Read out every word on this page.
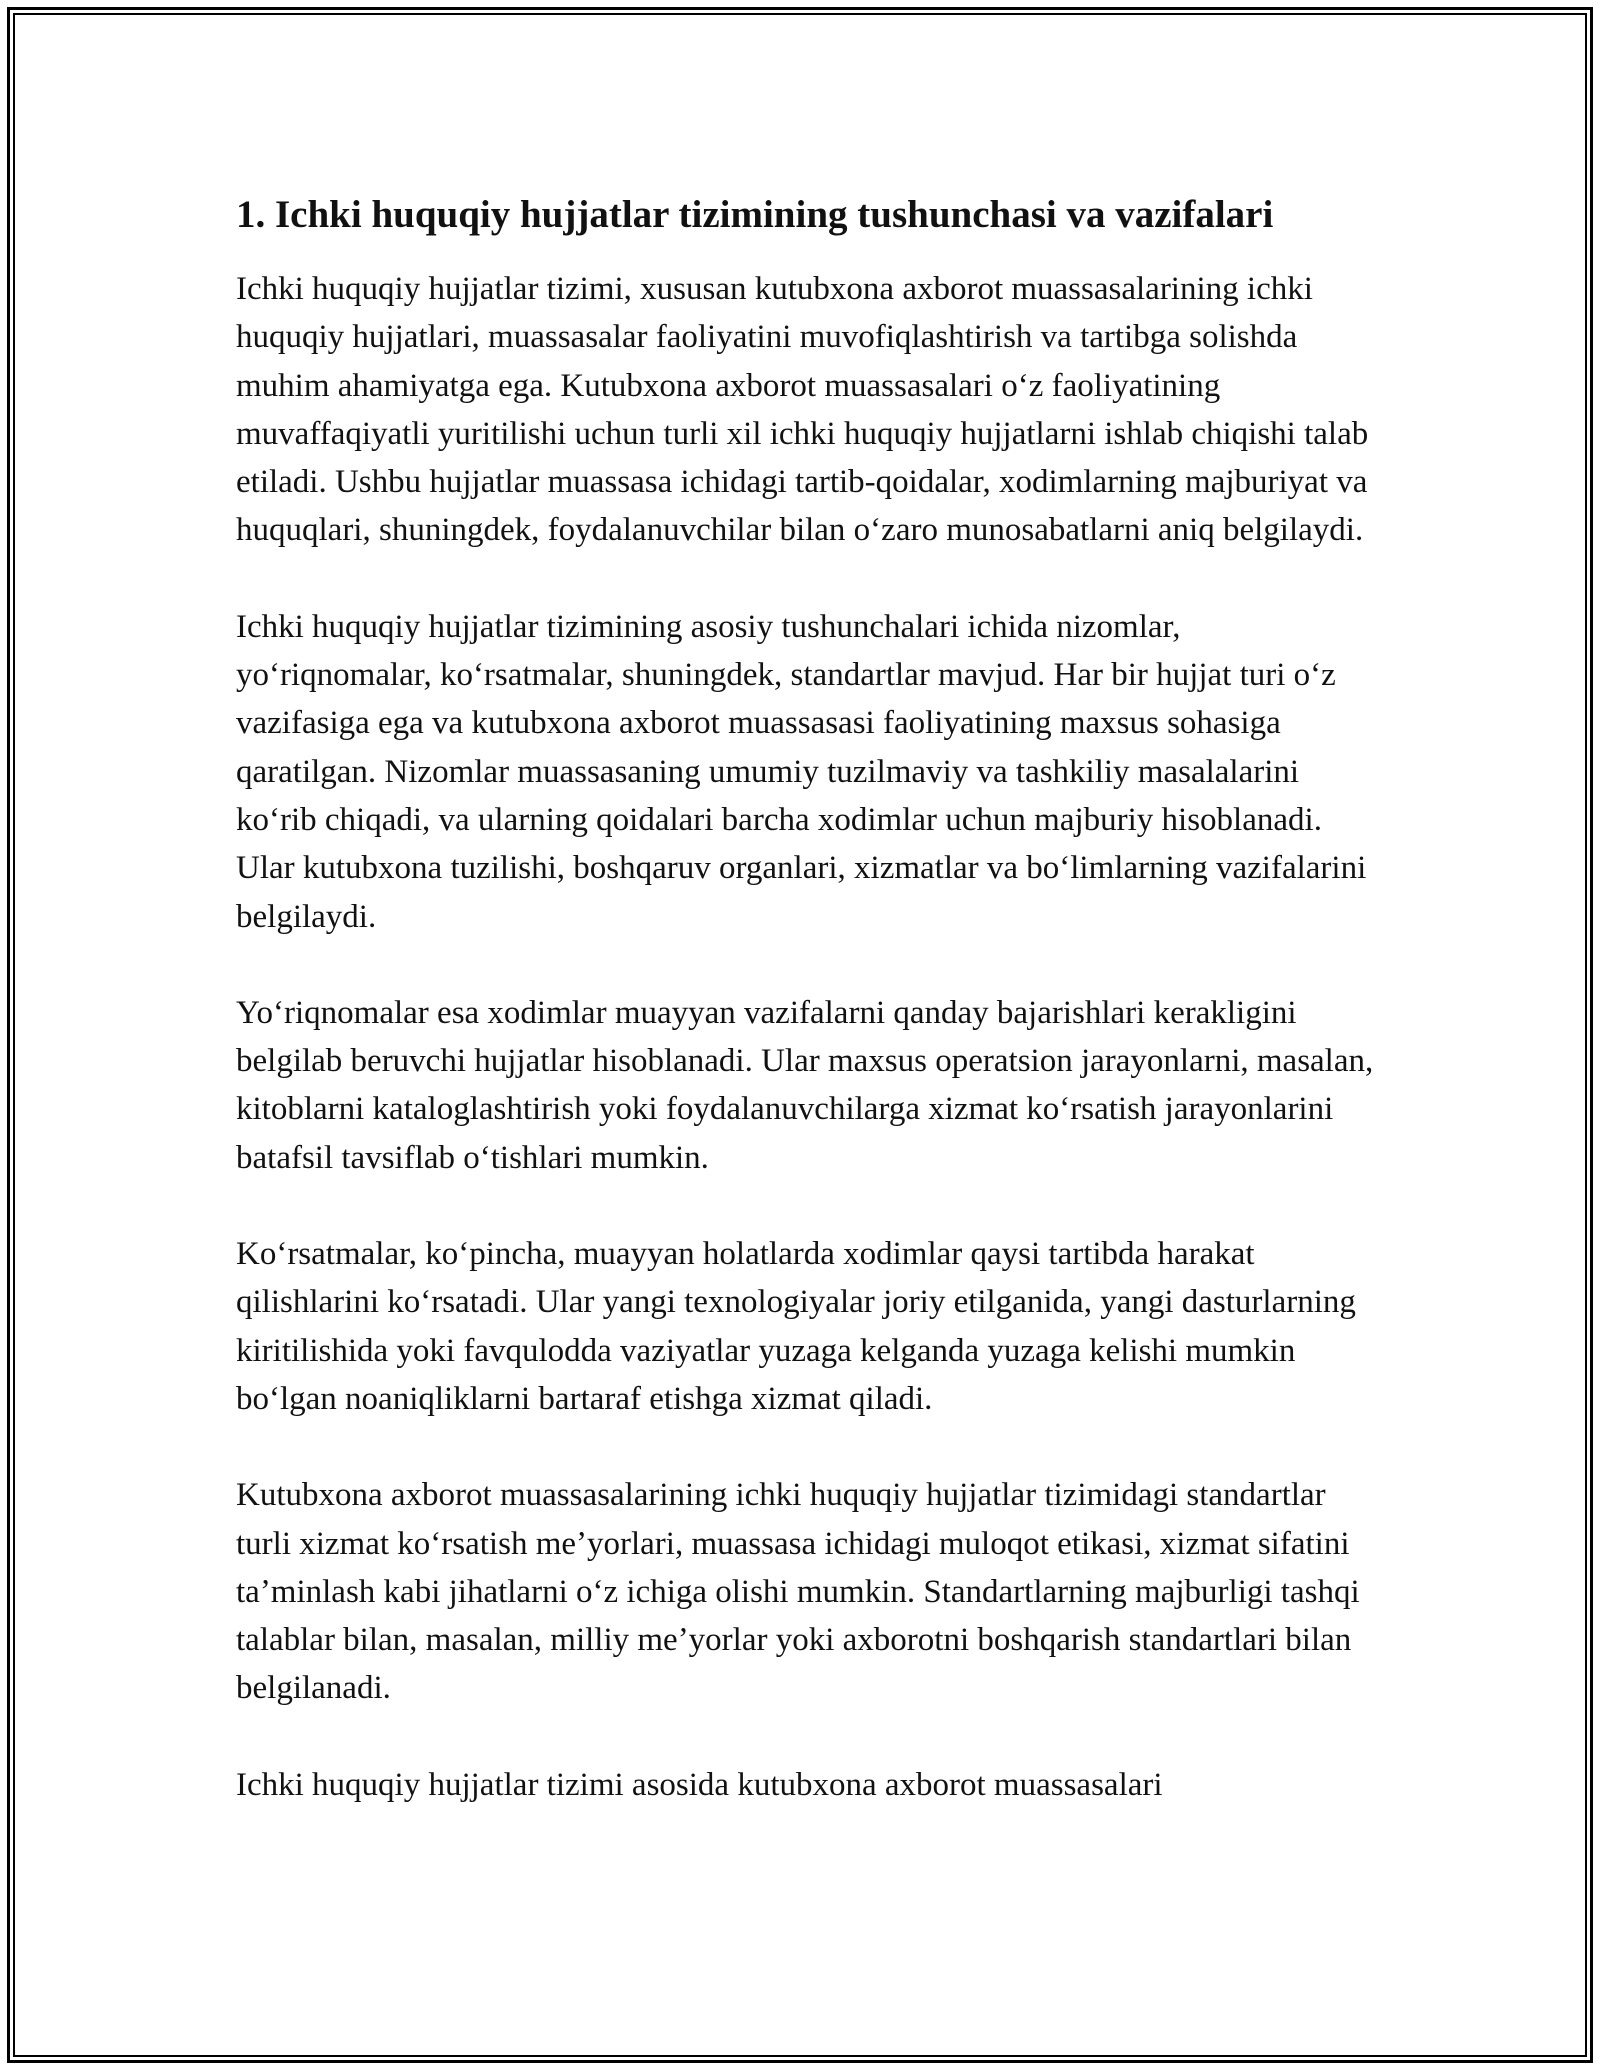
1. Ichki huquqiy hujjatlar tizimining tushunchasi va vazifalari

Ichki huquqiy hujjatlar tizimi, xususan kutubxona axborot muassasalarining ichki huquqiy hujjatlari, muassasalar faoliyatini muvofiqlashtirish va tartibga solishda muhim ahamiyatga ega. Kutubxona axborot muassasalari oʻz faoliyatining muvaffaqiyatli yuritilishi uchun turli xil ichki huquqiy hujjatlarni ishlab chiqishi talab etiladi. Ushbu hujjatlar muassasa ichidagi tartib-qoidalar, xodimlarning majburiyat va huquqlari, shuningdek, foydalanuvchilar bilan oʻzaro munosabatlarni aniq belgilaydi.

Ichki huquqiy hujjatlar tizimining asosiy tushunchalari ichida nizomlar, yoʻriqnomalar, koʻrsatmalar, shuningdek, standartlar mavjud. Har bir hujjat turi oʻz vazifasiga ega va kutubxona axborot muassasasi faoliyatining maxsus sohasiga qaratilgan. Nizomlar muassasaning umumiy tuzilmaviy va tashkiliy masalalarini koʻrib chiqadi, va ularning qoidalari barcha xodimlar uchun majburiy hisoblanadi. Ular kutubxona tuzilishi, boshqaruv organlari, xizmatlar va boʻlimlarning vazifalarini belgilaydi.

Yoʻriqnomalar esa xodimlar muayyan vazifalarni qanday bajarishlari kerakligini belgilab beruvchi hujjatlar hisoblanadi. Ular maxsus operatsion jarayonlarni, masalan, kitoblarni kataloglashtirish yoki foydalanuvchilarga xizmat koʻrsatish jarayonlarini batafsil tavsiflab oʻtishlari mumkin.

Koʻrsatmalar, koʻpincha, muayyan holatlarda xodimlar qaysi tartibda harakat qilishlarini koʻrsatadi. Ular yangi texnologiyalar joriy etilganida, yangi dasturlarning kiritilishida yoki favqulodda vaziyatlar yuzaga kelganda yuzaga kelishi mumkin boʻlgan noaniqliklarni bartaraf etishga xizmat qiladi.

Kutubxona axborot muassasalarining ichki huquqiy hujjatlar tizimidagi standartlar turli xizmat koʻrsatish meʼyorlari, muassasa ichidagi muloqot etikasi, xizmat sifatini taʼminlash kabi jihatlarni oʻz ichiga olishi mumkin. Standartlarning majburligi tashqi talablar bilan, masalan, milliy meʼyorlar yoki axborotni boshqarish standartlari bilan belgilanadi.

Ichki huquqiy hujjatlar tizimi asosida kutubxona axborot muassasalari
